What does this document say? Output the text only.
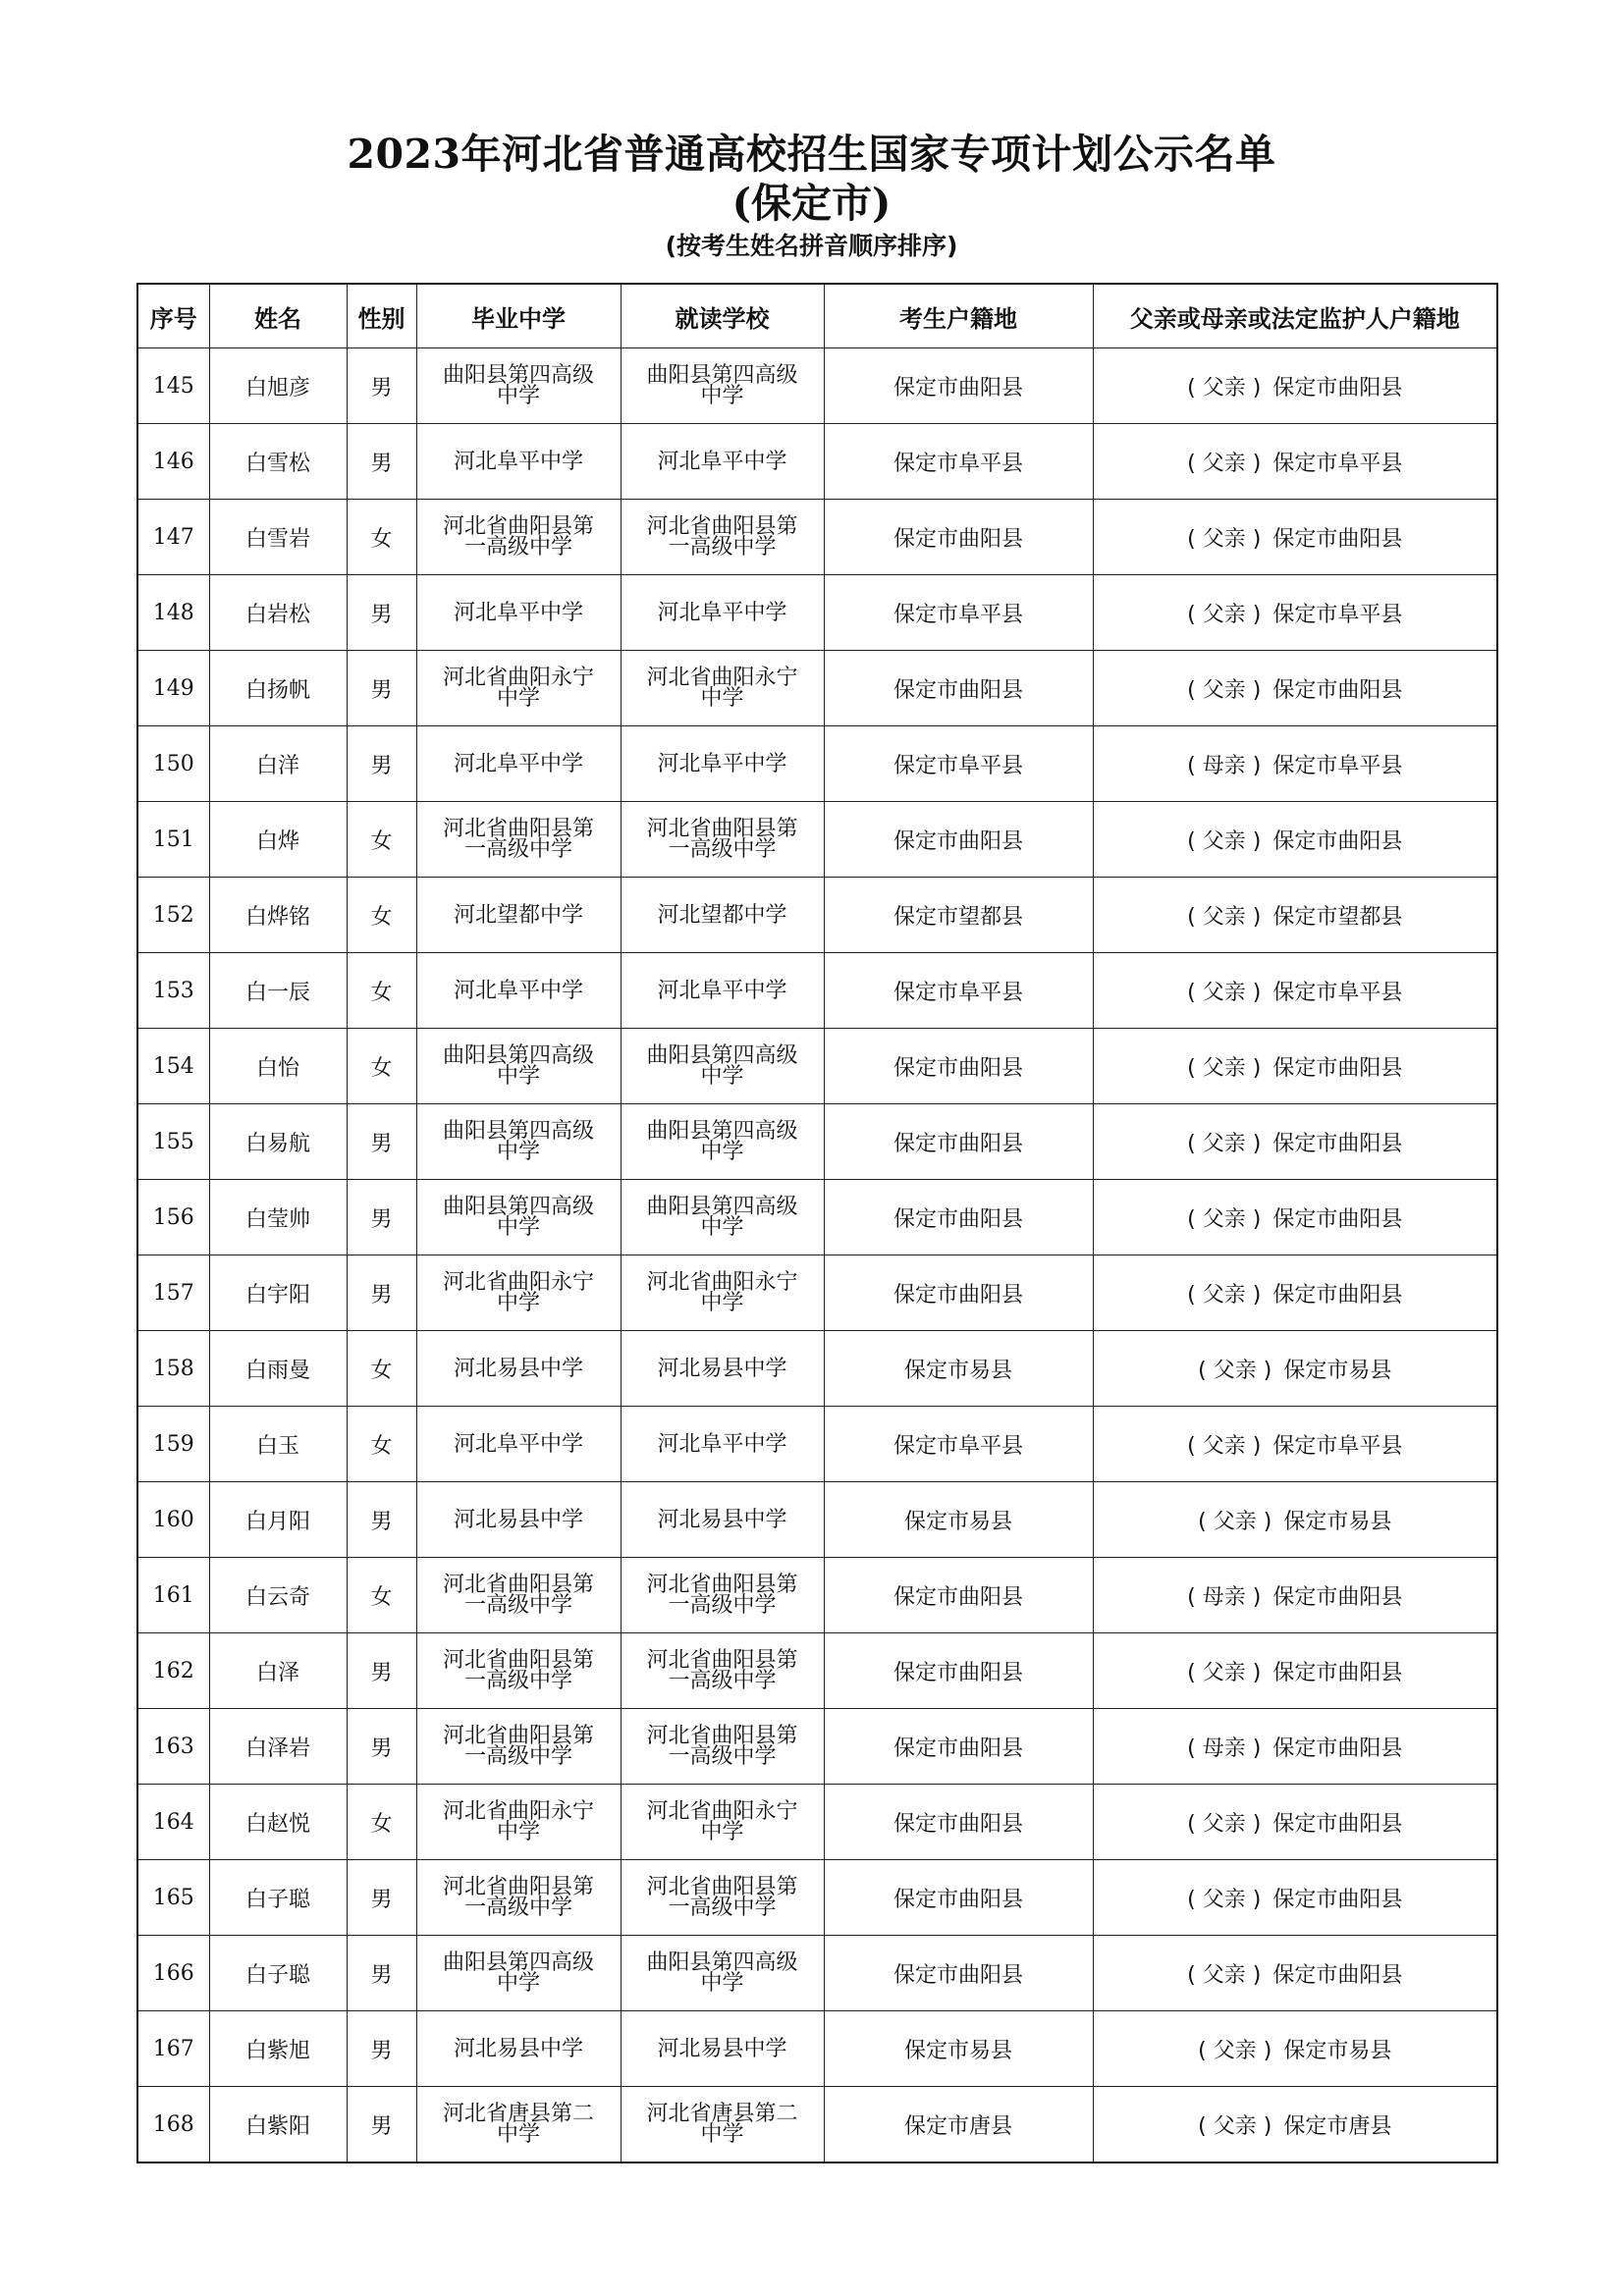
2023年河北省普通高校招生国家专项计划公示名单
(保定市)
(按考生姓名拼音顺序排序)
序号	姓名	性别	毕业中学	就读学校	考生户籍地	父亲或母亲或法定监护人户籍地
145	白旭彦	男	曲阳县第四高级中学	曲阳县第四高级中学	保定市曲阳县	( 父亲 ) 保定市曲阳县
146	白雪松	男	河北阜平中学	河北阜平中学	保定市阜平县	( 父亲 ) 保定市阜平县
147	白雪岩	女	河北省曲阳县第一高级中学	河北省曲阳县第一高级中学	保定市曲阳县	( 父亲 ) 保定市曲阳县
148	白岩松	男	河北阜平中学	河北阜平中学	保定市阜平县	( 父亲 ) 保定市阜平县
149	白扬帆	男	河北省曲阳永宁中学	河北省曲阳永宁中学	保定市曲阳县	( 父亲 ) 保定市曲阳县
150	白洋	男	河北阜平中学	河北阜平中学	保定市阜平县	( 母亲 ) 保定市阜平县
151	白烨	女	河北省曲阳县第一高级中学	河北省曲阳县第一高级中学	保定市曲阳县	( 父亲 ) 保定市曲阳县
152	白烨铭	女	河北望都中学	河北望都中学	保定市望都县	( 父亲 ) 保定市望都县
153	白一辰	女	河北阜平中学	河北阜平中学	保定市阜平县	( 父亲 ) 保定市阜平县
154	白怡	女	曲阳县第四高级中学	曲阳县第四高级中学	保定市曲阳县	( 父亲 ) 保定市曲阳县
155	白易航	男	曲阳县第四高级中学	曲阳县第四高级中学	保定市曲阳县	( 父亲 ) 保定市曲阳县
156	白莹帅	男	曲阳县第四高级中学	曲阳县第四高级中学	保定市曲阳县	( 父亲 ) 保定市曲阳县
157	白宇阳	男	河北省曲阳永宁中学	河北省曲阳永宁中学	保定市曲阳县	( 父亲 ) 保定市曲阳县
158	白雨曼	女	河北易县中学	河北易县中学	保定市易县	( 父亲 ) 保定市易县
159	白玉	女	河北阜平中学	河北阜平中学	保定市阜平县	( 父亲 ) 保定市阜平县
160	白月阳	男	河北易县中学	河北易县中学	保定市易县	( 父亲 ) 保定市易县
161	白云奇	女	河北省曲阳县第一高级中学	河北省曲阳县第一高级中学	保定市曲阳县	( 母亲 ) 保定市曲阳县
162	白泽	男	河北省曲阳县第一高级中学	河北省曲阳县第一高级中学	保定市曲阳县	( 父亲 ) 保定市曲阳县
163	白泽岩	男	河北省曲阳县第一高级中学	河北省曲阳县第一高级中学	保定市曲阳县	( 母亲 ) 保定市曲阳县
164	白赵悦	女	河北省曲阳永宁中学	河北省曲阳永宁中学	保定市曲阳县	( 父亲 ) 保定市曲阳县
165	白子聪	男	河北省曲阳县第一高级中学	河北省曲阳县第一高级中学	保定市曲阳县	( 父亲 ) 保定市曲阳县
166	白子聪	男	曲阳县第四高级中学	曲阳县第四高级中学	保定市曲阳县	( 父亲 ) 保定市曲阳县
167	白紫旭	男	河北易县中学	河北易县中学	保定市易县	( 父亲 ) 保定市易县
168	白紫阳	男	河北省唐县第二中学	河北省唐县第二中学	保定市唐县	( 父亲 ) 保定市唐县
